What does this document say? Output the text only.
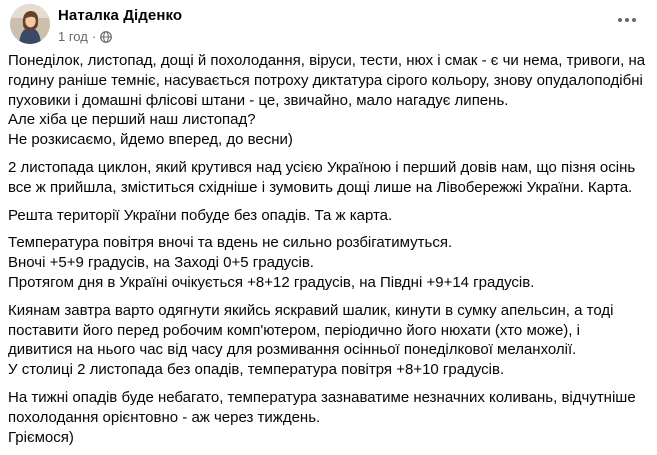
Наталка Діденко
1 год ·
Понеділок, листопад, дощі й похолодання, віруси, тести, нюх і смак - є чи нема, тривоги, на
годину раніше темніє, насувається потроху диктатура сірого кольору, знову опудалоподібні
пуховики і домашні флісові штани - це, звичайно, мало нагадує липень.
Але хіба це перший наш листопад?
Не розкисаємо, йдемо вперед, до весни)
2 листопада циклон, який крутився над усією Україною і перший довів нам, що пізня осінь
все ж прийшла, зміститься східніше і зумовить дощі лише на Лівобережжі України. Карта.
Решта території України побуде без опадів. Та ж карта.
Температура повітря вночі та вдень не сильно розбігатимуться.
Вночі +5+9 градусів, на Заході 0+5 градусів.
Протягом дня в Україні очікується +8+12 градусів, на Півдні +9+14 градусів.
Киянам завтра варто одягнути якийсь яскравий шалик, кинути в сумку апельсин, а тоді
поставити його перед робочим комп'ютером, періодично його нюхати (хто може), і
дивитися на нього час від часу для розмивання осінньої понеділкової меланхолії.
У столиці 2 листопада без опадів, температура повітря +8+10 градусів.
На тижні опадів буде небагато, температура зазнаватиме незначних коливань, відчутніше
похолодання орієнтовно - аж через тиждень.
Гріємося)
